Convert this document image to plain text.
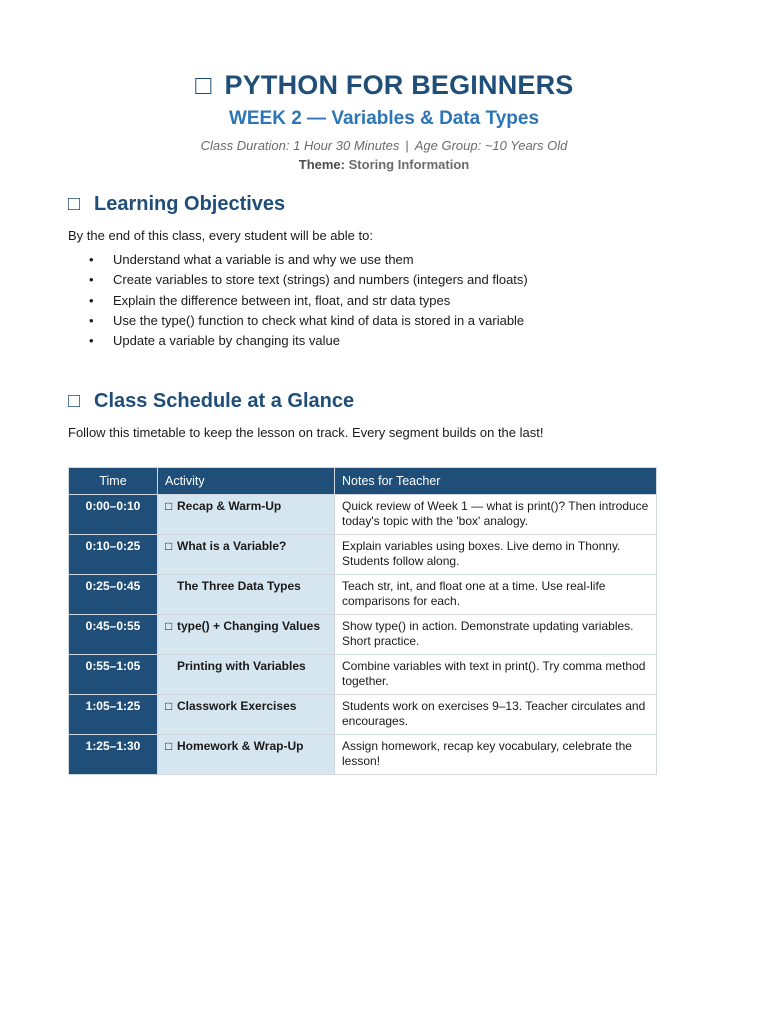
□ PYTHON FOR BEGINNERS
WEEK 2 — Variables & Data Types
Class Duration: 1 Hour 30 Minutes | Age Group: ~10 Years Old
Theme: Storing Information
□ Learning Objectives
By the end of this class, every student will be able to:
• Understand what a variable is and why we use them
• Create variables to store text (strings) and numbers (integers and floats)
• Explain the difference between int, float, and str data types
• Use the type() function to check what kind of data is stored in a variable
• Update a variable by changing its value
□ Class Schedule at a Glance
Follow this timetable to keep the lesson on track. Every segment builds on the last!
Time	Activity	Notes for Teacher
0:00–0:10	□ Recap & Warm-Up	Quick review of Week 1 — what is print()? Then introduce today's topic with the 'box' analogy.
0:10–0:25	□ What is a Variable?	Explain variables using boxes. Live demo in Thonny. Students follow along.
0:25–0:45	The Three Data Types	Teach str, int, and float one at a time. Use real-life comparisons for each.
0:45–0:55	□ type() + Changing Values	Show type() in action. Demonstrate updating variables. Short practice.
0:55–1:05	Printing with Variables	Combine variables with text in print(). Try comma method together.
1:05–1:25	□ Classwork Exercises	Students work on exercises 9–13. Teacher circulates and encourages.
1:25–1:30	□ Homework & Wrap-Up	Assign homework, recap key vocabulary, celebrate the lesson!
